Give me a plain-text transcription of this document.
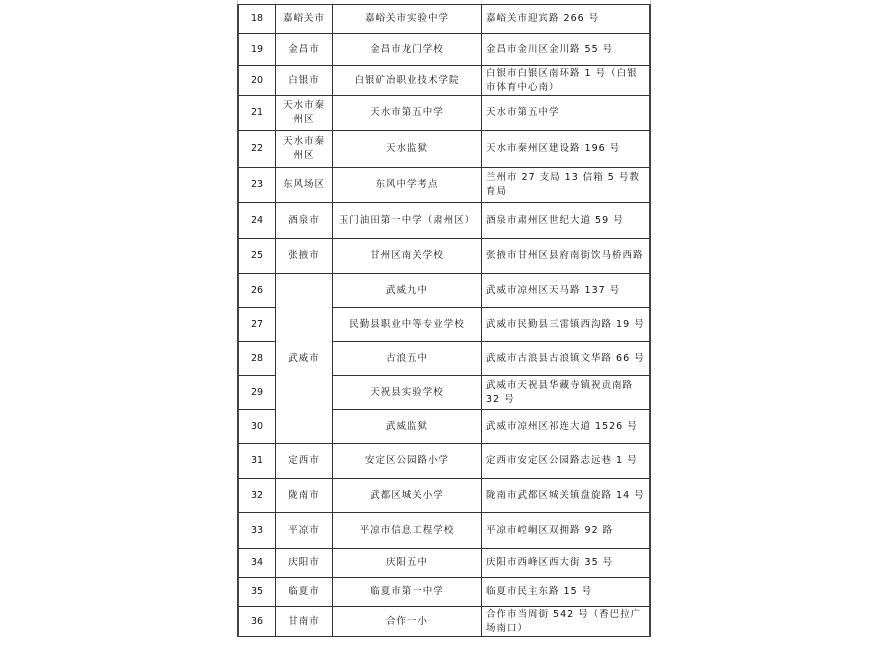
18	嘉峪关市	嘉峪关市实验中学	嘉峪关市迎宾路 266 号
19	金昌市	金昌市龙门学校	金昌市金川区金川路 55 号
20	白银市	白银矿冶职业技术学院	白银市白银区南环路 1 号（白银市体育中心南）
21	天水市秦州区	天水市第五中学	天水市第五中学
22	天水市秦州区	天水监狱	天水市秦州区建设路 196 号
23	东风场区	东风中学考点	兰州市 27 支局 13 信箱 5 号教育局
24	酒泉市	玉门油田第一中学（肃州区）	酒泉市肃州区世纪大道 59 号
25	张掖市	甘州区南关学校	张掖市甘州区县府南街饮马桥西路
26	武威市	武威九中	武威市凉州区天马路 137 号
27		民勤县职业中等专业学校	武威市民勤县三雷镇西沟路 19 号
28		古浪五中	武威市古浪县古浪镇文华路 66 号
29		天祝县实验学校	武威市天祝县华藏寺镇祝贡南路 32 号
30		武威监狱	武威市凉州区祁连大道 1526 号
31	定西市	安定区公园路小学	定西市安定区公园路志远巷 1 号
32	陇南市	武都区城关小学	陇南市武都区城关镇盘旋路 14 号
33	平凉市	平凉市信息工程学校	平凉市崆峒区双拥路 92 路
34	庆阳市	庆阳五中	庆阳市西峰区西大街 35 号
35	临夏市	临夏市第一中学	临夏市民主东路 15 号
36	甘南市	合作一小	合作市当周街 542 号（香巴拉广场南口）
